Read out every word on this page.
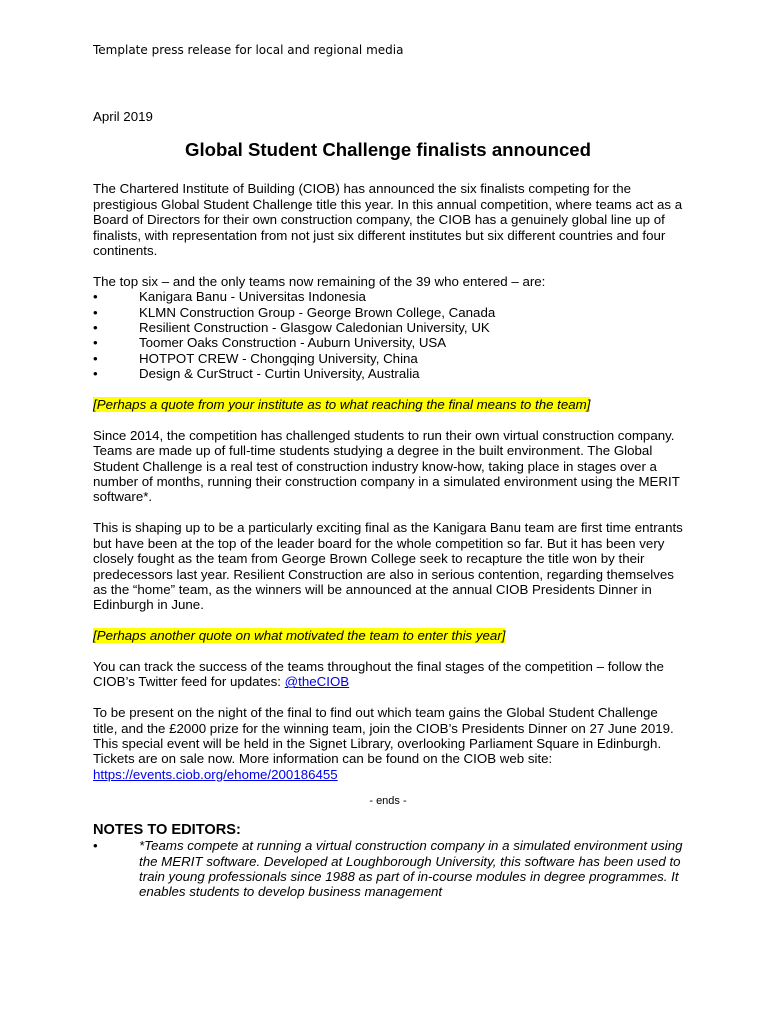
Template press release for local and regional media

April 2019

Global Student Challenge finalists announced

The Chartered Institute of Building (CIOB) has announced the six finalists competing for the prestigious Global Student Challenge title this year. In this annual competition, where teams act as a Board of Directors for their own construction company, the CIOB has a genuinely global line up of finalists, with representation from not just six different institutes but six different countries and four continents.

The top six – and the only teams now remaining of the 39 who entered – are:

•	Kanigara Banu - Universitas Indonesia
•	KLMN Construction Group - George Brown College, Canada
•	Resilient Construction - Glasgow Caledonian University, UK
•	Toomer Oaks Construction - Auburn University, USA
•	HOTPOT CREW - Chongqing University, China
•	Design & CurStruct - Curtin University, Australia

[Perhaps a quote from your institute as to what reaching the final means to the team]

Since 2014, the competition has challenged students to run their own virtual construction company. Teams are made up of full-time students studying a degree in the built environment. The Global Student Challenge is a real test of construction industry know-how, taking place in stages over a number of months, running their construction company in a simulated environment using the MERIT software*.

This is shaping up to be a particularly exciting final as the Kanigara Banu team are first time entrants but have been at the top of the leader board for the whole competition so far. But it has been very closely fought as the team from George Brown College seek to recapture the title won by their predecessors last year. Resilient Construction are also in serious contention, regarding themselves as the “home” team, as the winners will be announced at the annual CIOB Presidents Dinner in Edinburgh in June.

[Perhaps another quote on what motivated the team to enter this year]

You can track the success of the teams throughout the final stages of the competition – follow the CIOB’s Twitter feed for updates: @theCIOB

To be present on the night of the final to find out which team gains the Global Student Challenge title, and the £2000 prize for the winning team, join the CIOB’s Presidents Dinner on 27 June 2019. This special event will be held in the Signet Library, overlooking Parliament Square in Edinburgh. Tickets are on sale now. More information can be found on the CIOB web site: https://events.ciob.org/ehome/200186455

- ends -

NOTES TO EDITORS:

•	*Teams compete at running a virtual construction company in a simulated environment using the MERIT software. Developed at Loughborough University, this software has been used to train young professionals since 1988 as part of in-course modules in degree programmes. It enables students to develop business management
